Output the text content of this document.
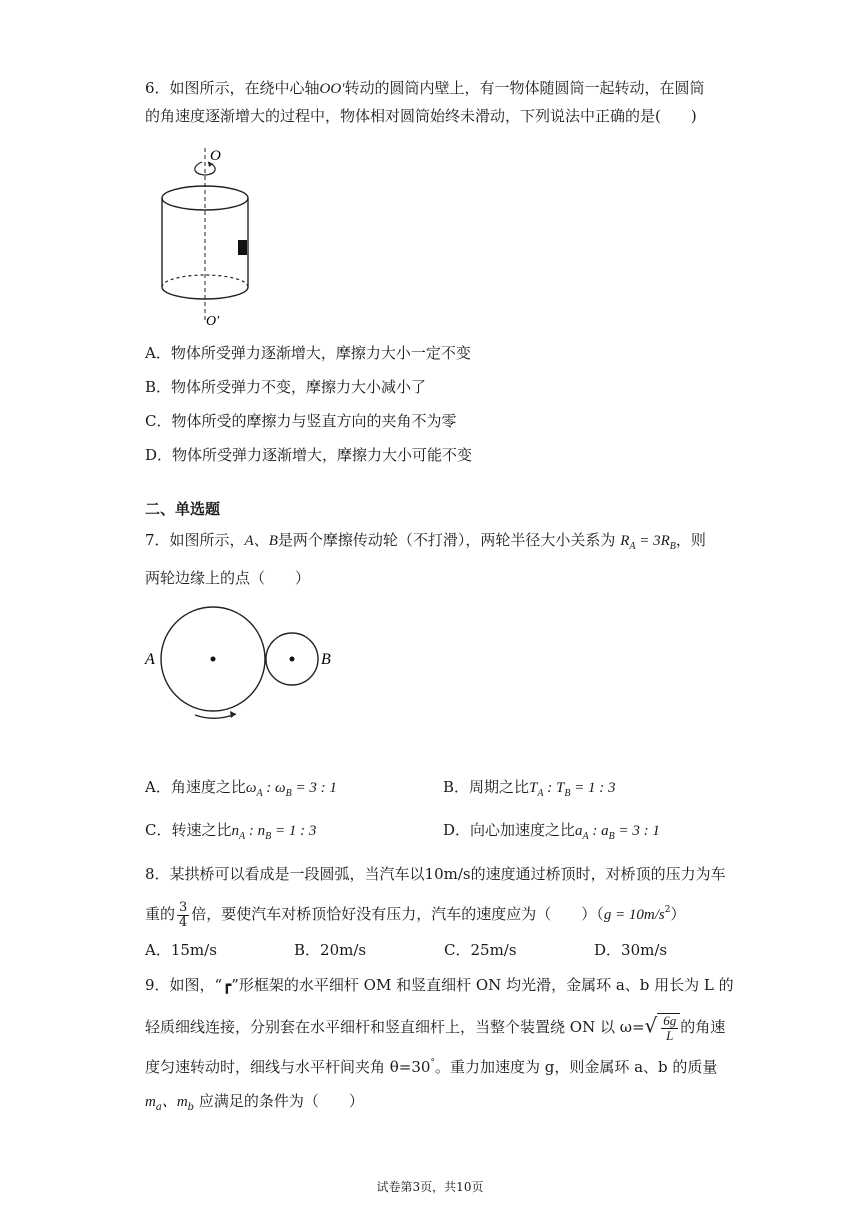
6．如图所示，在绕中心轴OO′转动的圆筒内壁上，有一物体随圆筒一起转动，在圆筒
的角速度逐渐增大的过程中，物体相对圆筒始终未滑动，下列说法中正确的是(　　)
O
O′
A．物体所受弹力逐渐增大，摩擦力大小一定不变
B．物体所受弹力不变，摩擦力大小减小了
C．物体所受的摩擦力与竖直方向的夹角不为零
D．物体所受弹力逐渐增大，摩擦力大小可能不变
二、单选题
7．如图所示，A、B是两个摩擦传动轮（不打滑），两轮半径大小关系为 $R_A = 3R_B$，则
两轮边缘上的点（　　）
A	B
A．角速度之比$\omega_A$ : $\omega_B = 3$ : 1	B．周期之比$T_A$ : $T_B = 1$ : 3
C．转速之比$n_A$ : $n_B = 1$ : 3	D．向心加速度之比$a_A$ : $a_B = 3$ : 1
8．某拱桥可以看成是一段圆弧，当汽车以10m/s的速度通过桥顶时，对桥顶的压力为车
重的 $\frac{3}{4}$ 倍，要使汽车对桥顶恰好没有压力，汽车的速度应为（　　）$(g = 10m/s^2)$
A．15m/s	B．20m/s	C．25m/s	D．30m/s
9．如图，“┏”形框架的水平细杆 OM 和竖直细杆 ON 均光滑，金属环 a、b 用长为 L 的
轻质细线连接，分别套在水平细杆和竖直细杆上，当整个装置绕 ON 以 $\omega=√ \frac{6g}{L}$ 的角速
度匀速转动时，细线与水平杆间夹角 θ=30°。重力加速度为 g，则金属环 a、b 的质量
$m_a$、$m_b$ 应满足的条件为（　　）
试卷第3页，共10页
